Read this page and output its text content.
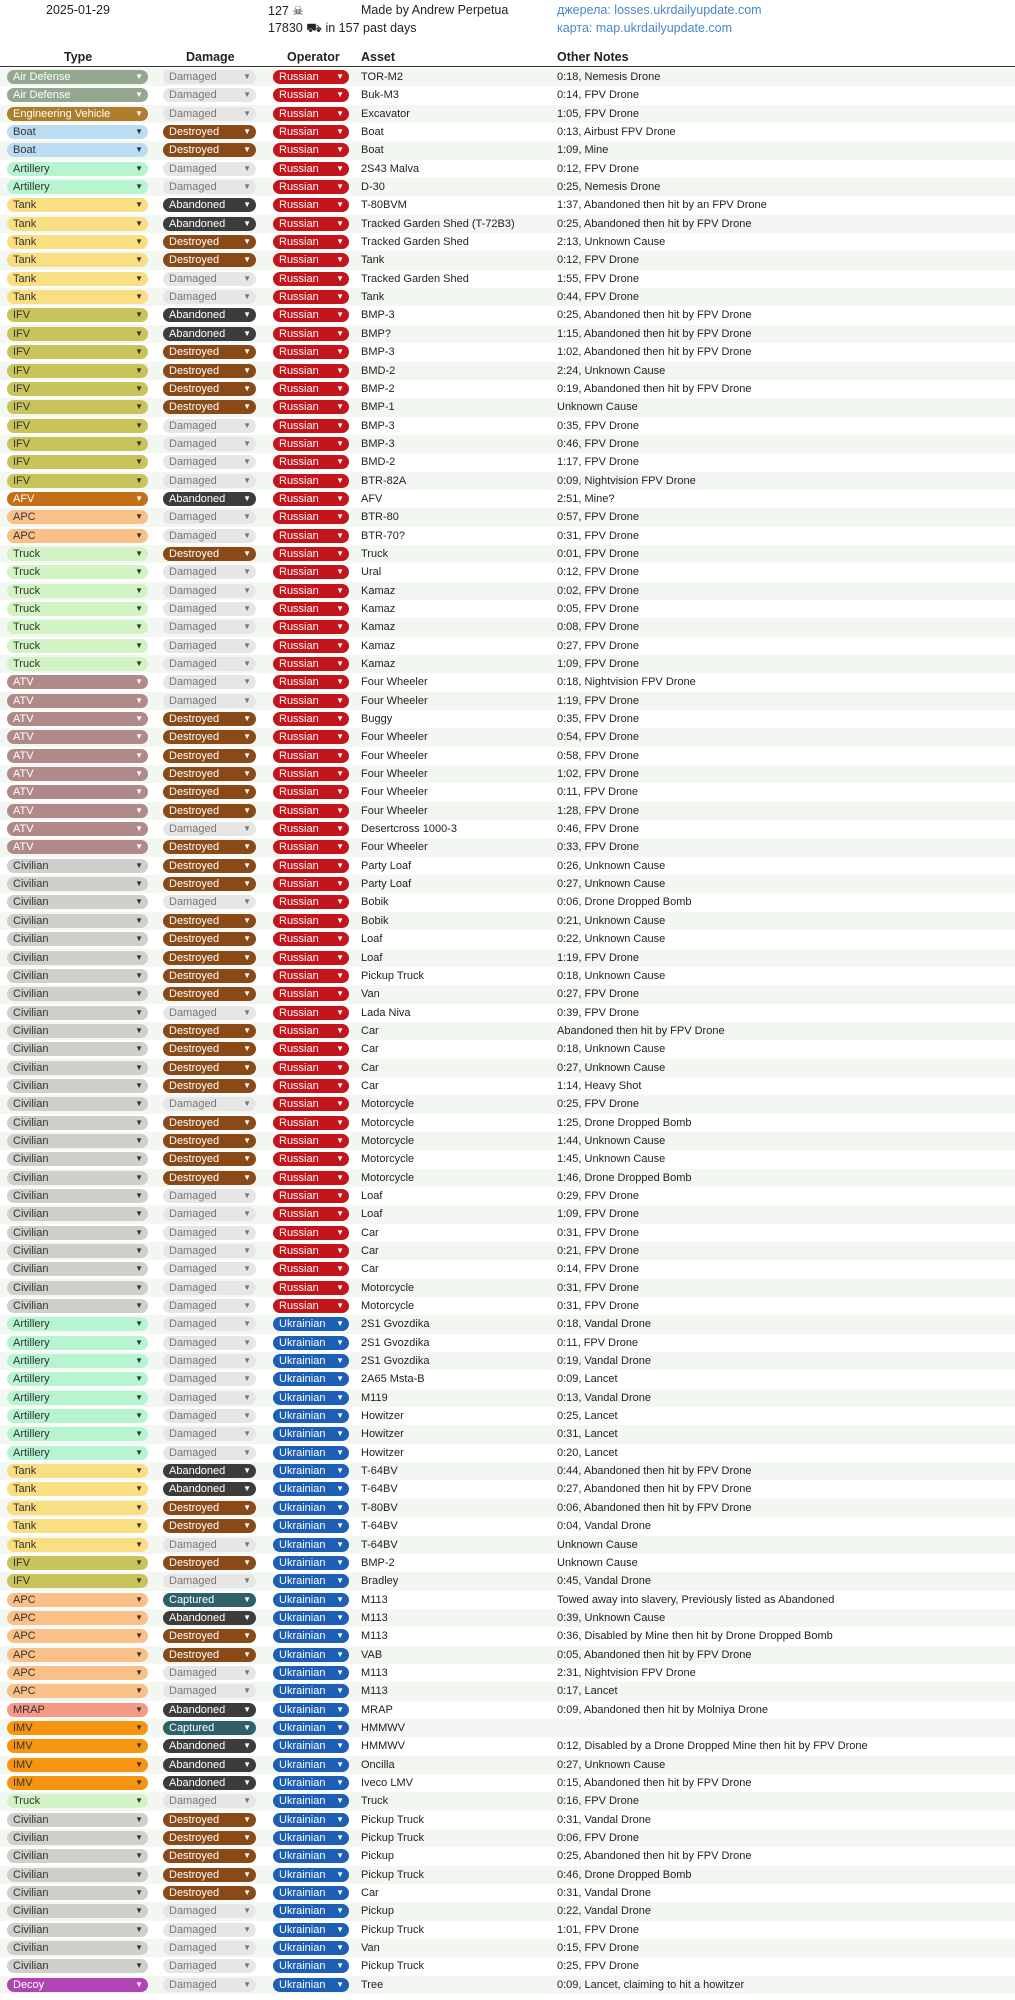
2025-01-29	127 ☠
17830 ⛟ in 157 past days
Made by Andrew Perpetua	джерела: losses.ukrdailyupdate.com
карта: map.ukrdailyupdate.com
Type	Damage	Operator Asset	Other Notes
Air Defense	▼	Damaged	▼	Russian ▼ TOR-M2	0:18, Nemesis Drone
Air Defense	▼	Damaged	▼	Russian ▼ Buk-M3	0:14, FPV Drone
Engineering Vehicle	▼	Damaged	▼	Russian ▼ Excavator	1:05, FPV Drone
Boat	▼	Destroyed	▼	Russian ▼ Boat	0:13, Airbust FPV Drone
Boat	▼	Destroyed	▼	Russian ▼ Boat	1:09, Mine
Artillery	▼	Damaged	▼	Russian ▼ 2S43 Malva	0:12, FPV Drone
Artillery	▼	Damaged	▼	Russian ▼ D-30	0:25, Nemesis Drone
Tank	▼	Abandoned ▼	Russian ▼ T-80BVM	1:37, Abandoned then hit by an FPV Drone
Tank	▼	Abandoned ▼	Russian ▼ Tracked Garden Shed (T-72B3)	0:25, Abandoned then hit by FPV Drone
Tank	▼	Destroyed	▼	Russian ▼ Tracked Garden Shed	2:13, Unknown Cause
Tank	▼	Destroyed	▼	Russian ▼ Tank	0:12, FPV Drone
Tank	▼	Damaged	▼	Russian ▼ Tracked Garden Shed	1:55, FPV Drone
Tank	▼	Damaged	▼	Russian ▼ Tank	0:44, FPV Drone
IFV	▼	Abandoned ▼	Russian ▼ BMP-3	0:25, Abandoned then hit by FPV Drone
IFV	▼	Abandoned ▼	Russian ▼ BMP?	1:15, Abandoned then hit by FPV Drone
IFV	▼	Destroyed	▼	Russian ▼ BMP-3	1:02, Abandoned then hit by FPV Drone
IFV	▼	Destroyed	▼	Russian ▼ BMD-2	2:24, Unknown Cause
IFV	▼	Destroyed	▼	Russian ▼ BMP-2	0:19, Abandoned then hit by FPV Drone
IFV	▼	Destroyed	▼	Russian ▼ BMP-1	Unknown Cause
IFV	▼	Damaged	▼	Russian ▼ BMP-3	0:35, FPV Drone
IFV	▼	Damaged	▼	Russian ▼ BMP-3	0:46, FPV Drone
IFV	▼	Damaged	▼	Russian ▼ BMD-2	1:17, FPV Drone
IFV	▼	Damaged	▼	Russian ▼ BTR-82A	0:09, Nightvision FPV Drone
AFV	▼	Abandoned ▼	Russian ▼ AFV	2:51, Mine?
APC	▼	Damaged	▼	Russian ▼ BTR-80	0:57, FPV Drone
APC	▼	Damaged	▼	Russian ▼ BTR-70?	0:31, FPV Drone
Truck	▼	Destroyed	▼	Russian ▼ Truck	0:01, FPV Drone
Truck	▼	Damaged	▼	Russian ▼ Ural	0:12, FPV Drone
Truck	▼	Damaged	▼	Russian ▼ Kamaz	0:02, FPV Drone
Truck	▼	Damaged	▼	Russian ▼ Kamaz	0:05, FPV Drone
Truck	▼	Damaged	▼	Russian ▼ Kamaz	0:08, FPV Drone
Truck	▼	Damaged	▼	Russian ▼ Kamaz	0:27, FPV Drone
Truck	▼	Damaged	▼	Russian ▼ Kamaz	1:09, FPV Drone
ATV	▼	Damaged	▼	Russian ▼ Four Wheeler	0:18, Nightvision FPV Drone
ATV	▼	Damaged	▼	Russian ▼ Four Wheeler	1:19, FPV Drone
ATV	▼	Destroyed	▼	Russian ▼ Buggy	0:35, FPV Drone
ATV	▼	Destroyed	▼	Russian ▼ Four Wheeler	0:54, FPV Drone
ATV	▼	Destroyed	▼	Russian ▼ Four Wheeler	0:58, FPV Drone
ATV	▼	Destroyed	▼	Russian ▼ Four Wheeler	1:02, FPV Drone
ATV	▼	Destroyed	▼	Russian ▼ Four Wheeler	0:11, FPV Drone
ATV	▼	Destroyed	▼	Russian ▼ Four Wheeler	1:28, FPV Drone
ATV	▼	Damaged	▼	Russian ▼ Desertcross 1000-3	0:46, FPV Drone
ATV	▼	Destroyed	▼	Russian ▼ Four Wheeler	0:33, FPV Drone
Civilian	▼	Destroyed	▼	Russian ▼ Party Loaf	0:26, Unknown Cause
Civilian	▼	Destroyed	▼	Russian ▼ Party Loaf	0:27, Unknown Cause
Civilian	▼	Damaged	▼	Russian ▼ Bobik	0:06, Drone Dropped Bomb
Civilian	▼	Destroyed	▼	Russian ▼ Bobik	0:21, Unknown Cause
Civilian	▼	Destroyed	▼	Russian ▼ Loaf	0:22, Unknown Cause
Civilian	▼	Destroyed	▼	Russian ▼ Loaf	1:19, FPV Drone
Civilian	▼	Destroyed	▼	Russian ▼ Pickup Truck	0:18, Unknown Cause
Civilian	▼	Destroyed	▼	Russian ▼ Van	0:27, FPV Drone
Civilian	▼	Damaged	▼	Russian ▼ Lada Niva	0:39, FPV Drone
Civilian	▼	Destroyed	▼	Russian ▼ Car	Abandoned then hit by FPV Drone
Civilian	▼	Destroyed	▼	Russian ▼ Car	0:18, Unknown Cause
Civilian	▼	Destroyed	▼	Russian ▼ Car	0:27, Unknown Cause
Civilian	▼	Destroyed	▼	Russian ▼ Car	1:14, Heavy Shot
Civilian	▼	Damaged	▼	Russian ▼ Motorcycle	0:25, FPV Drone
Civilian	▼	Destroyed	▼	Russian ▼ Motorcycle	1:25, Drone Dropped Bomb
Civilian	▼	Destroyed	▼	Russian ▼ Motorcycle	1:44, Unknown Cause
Civilian	▼	Destroyed	▼	Russian ▼ Motorcycle	1:45, Unknown Cause
Civilian	▼	Destroyed	▼	Russian ▼ Motorcycle	1:46, Drone Dropped Bomb
Civilian	▼	Damaged	▼	Russian ▼ Loaf	0:29, FPV Drone
Civilian	▼	Damaged	▼	Russian ▼ Loaf	1:09, FPV Drone
Civilian	▼	Damaged	▼	Russian ▼ Car	0:31, FPV Drone
Civilian	▼	Damaged	▼	Russian ▼ Car	0:21, FPV Drone
Civilian	▼	Damaged	▼	Russian ▼ Car	0:14, FPV Drone
Civilian	▼	Damaged	▼	Russian ▼ Motorcycle	0:31, FPV Drone
Civilian	▼	Damaged	▼	Russian ▼ Motorcycle	0:31, FPV Drone
Artillery	▼	Damaged	▼	Ukrainian ▼ 2S1 Gvozdika	0:18, Vandal Drone
Artillery	▼	Damaged	▼	Ukrainian ▼ 2S1 Gvozdika	0:11, FPV Drone
Artillery	▼	Damaged	▼	Ukrainian ▼ 2S1 Gvozdika	0:19, Vandal Drone
Artillery	▼	Damaged	▼	Ukrainian ▼ 2A65 Msta-B	0:09, Lancet
Artillery	▼	Damaged	▼	Ukrainian ▼ M119	0:13, Vandal Drone
Artillery	▼	Damaged	▼	Ukrainian ▼ Howitzer	0:25, Lancet
Artillery	▼	Damaged	▼	Ukrainian ▼ Howitzer	0:31, Lancet
Artillery	▼	Damaged	▼	Ukrainian ▼ Howitzer	0:20, Lancet
Tank	▼	Abandoned ▼	Ukrainian ▼ T-64BV	0:44, Abandoned then hit by FPV Drone
Tank	▼	Abandoned ▼	Ukrainian ▼ T-64BV	0:27, Abandoned then hit by FPV Drone
Tank	▼	Destroyed	▼	Ukrainian ▼ T-80BV	0:06, Abandoned then hit by FPV Drone
Tank	▼	Destroyed	▼	Ukrainian ▼ T-64BV	0:04, Vandal Drone
Tank	▼	Damaged	▼	Ukrainian ▼ T-64BV	Unknown Cause
IFV	▼	Destroyed	▼	Ukrainian ▼ BMP-2	Unknown Cause
IFV	▼	Damaged	▼	Ukrainian ▼ Bradley	0:45, Vandal Drone
APC	▼	Captured	▼	Ukrainian ▼ M113	Towed away into slavery, Previously listed as Abandoned
APC	▼	Abandoned ▼	Ukrainian ▼ M113	0:39, Unknown Cause
APC	▼	Destroyed	▼	Ukrainian ▼ M113	0:36, Disabled by Mine then hit by Drone Dropped Bomb
APC	▼	Destroyed	▼	Ukrainian ▼ VAB	0:05, Abandoned then hit by FPV Drone
APC	▼	Damaged	▼	Ukrainian ▼ M113	2:31, Nightvision FPV Drone
APC	▼	Damaged	▼	Ukrainian ▼ M113	0:17, Lancet
MRAP	▼	Abandoned ▼	Ukrainian ▼ MRAP	0:09, Abandoned then hit by Molniya Drone
IMV	▼	Captured	▼	Ukrainian ▼ HMMWV
IMV	▼	Abandoned ▼	Ukrainian ▼ HMMWV	0:12, Disabled by a Drone Dropped Mine then hit by FPV Drone
IMV	▼	Abandoned ▼	Ukrainian ▼ Oncilla	0:27, Unknown Cause
IMV	▼	Abandoned ▼	Ukrainian ▼ Iveco LMV	0:15, Abandoned then hit by FPV Drone
Truck	▼	Damaged	▼	Ukrainian ▼ Truck	0:16, FPV Drone
Civilian	▼	Destroyed	▼	Ukrainian ▼ Pickup Truck	0:31, Vandal Drone
Civilian	▼	Destroyed	▼	Ukrainian ▼ Pickup Truck	0:06, FPV Drone
Civilian	▼	Destroyed	▼	Ukrainian ▼ Pickup	0:25, Abandoned then hit by FPV Drone
Civilian	▼	Destroyed	▼	Ukrainian ▼ Pickup Truck	0:46, Drone Dropped Bomb
Civilian	▼	Destroyed	▼	Ukrainian ▼ Car	0:31, Vandal Drone
Civilian	▼	Damaged	▼	Ukrainian ▼ Pickup	0:22, Vandal Drone
Civilian	▼	Damaged	▼	Ukrainian ▼ Pickup Truck	1:01, FPV Drone
Civilian	▼	Damaged	▼	Ukrainian ▼ Van	0:15, FPV Drone
Civilian	▼	Damaged	▼	Ukrainian ▼ Pickup Truck	0:25, FPV Drone
Decoy	▼	Damaged	▼	Ukrainian ▼ Tree	0:09, Lancet, claiming to hit a howitzer
